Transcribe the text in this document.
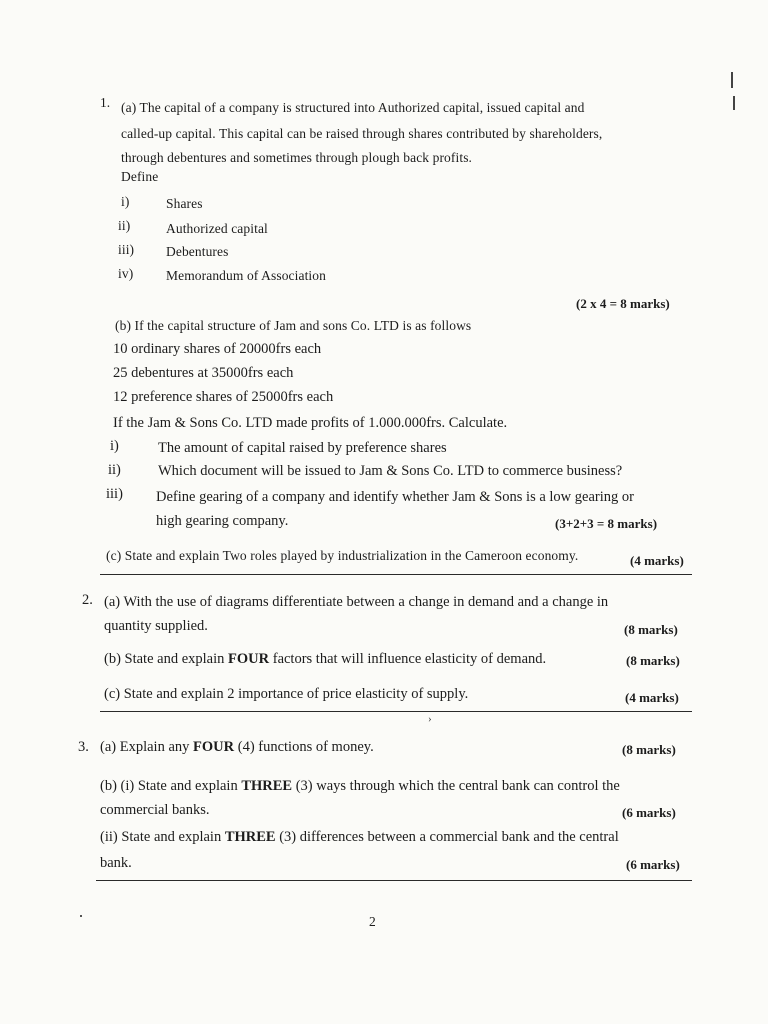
1. (a) The capital of a company is structured into Authorized capital, issued capital and
called-up capital. This capital can be raised through shares contributed by shareholders,
through debentures and sometimes through plough back profits.
Define
i)	Shares
ii)	Authorized capital
iii) Debentures
iv) Memorandum of Association
(2 x 4 = 8 marks)
(b) If the capital structure of Jam and sons Co. LTD is as follows
10 ordinary shares of 20000frs each
25 debentures at 35000frs each
12 preference shares of 25000frs each
If the Jam & Sons Co. LTD made profits of 1.000.000frs. Calculate.
i)	The amount of capital raised by preference shares
ii)	Which document will be issued to Jam & Sons Co. LTD to commerce business?
iii) Define gearing of a company and identify whether Jam & Sons is a low gearing or
high gearing company.	(3+2+3 = 8 marks)
(c) State and explain Two roles played by industrialization in the Cameroon economy.	(4 marks)
2. (a) With the use of diagrams differentiate between a change in demand and a change in
quantity supplied.	(8 marks)
(b) State and explain FOUR factors that will influence elasticity of demand.	(8 marks)
(c) State and explain 2 importance of price elasticity of supply.	(4 marks)
›
3. (a) Explain any FOUR (4) functions of money.	(8 marks)
(b) (i) State and explain THREE (3) ways through which the central bank can control the
commercial banks.	(6 marks)
(ii) State and explain THREE (3) differences between a commercial bank and the central
bank.	(6 marks)
2
